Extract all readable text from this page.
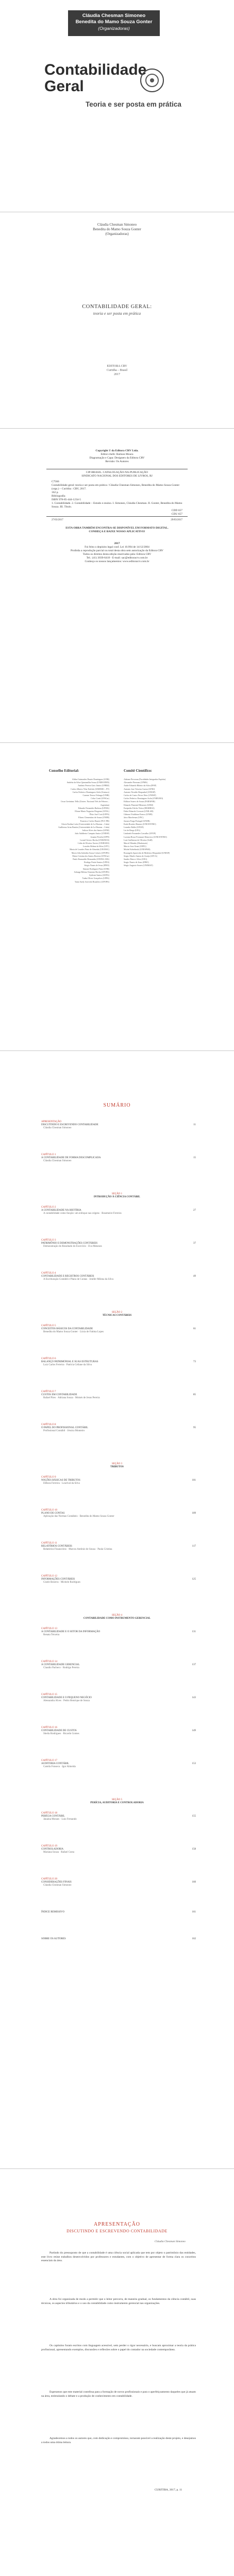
Cláudia Chesman Simoneo
Benedita do Mamo Souza Gonter
(Organizadoras)
Contabilidade Geral
Teoria e ser posta em prática
Cláudia Chesman Simoneo
Benedita do Mamo Souza Gonter
(Organizadoras)
CONTABILIDADE GERAL:
teoria e ser posta em prática
EDITORA CRV
Curitiba – Brasil
2017
Copyright © da Editora CRV Ltda.
Editor-chefe: Railson Moura
Diagramação e Capa: Designers da Editora CRV
Revisão: Os Autores
CIP-BRASIL. CATALOGAÇÃO-NA-PUBLICAÇÃO
SINDICATO NACIONAL DOS EDITORES DE LIVROS, RJ
C7566
Contabilidade geral: teoria e ser posta em prática / Cláudia Chesman Simoneo, Benedita do Mamo Souza Gonter (orgs.) – Curitiba : CRV, 2017.
162 p.
Bibliografia
ISBN 978-85-444-1234-5
1. Contabilidade. 2. Contabilidade – Estudo e ensino. I. Simoneo, Cláudia Chesman. II. Gonter, Benedita do Mamo Souza. III. Título.
CDD 657
CDU 657
27/03/2017	29/03/2017
ESTA OBRA TAMBÉM ENCONTRA-SE DISPONÍVEL EM FORMATO DIGITAL.
CONHEÇA E BAIXE NOSSO APLICATIVO!
2017
Foi feito o depósito legal conf. Lei 10.994 de 14/12/2004
Proibida a reprodução parcial ou total desta obra sem autorização da Editora CRV
Todos os direitos desta edição reservados pela: Editora CRV
Tel.: (41) 3039-6418 - E-mail: sac@editoracrv.com.br
Conheça os nossos lançamentos: www.editoracrv.com.br
Conselho Editorial:	Comitê Científico:
Aldira Guimarães Duarte Domínguez (UNB)
Andréia da Silva Quintanilha Sousa (UNIR/UFRN)
Antônio Pereira Gaio Júnior (UFRRJ)
Carlos Alberto Vilar Estêvão (UMINHO – PT)
Carlos Federico Dominguez Avila (Unieuro)
Carmen Tereza Velanga (UNIR)
Celso Conti (UFSCar)
Cesar Gerónimo Tello (Univer. Nacional Três de Febrero – Argentina)
Eduardo Fernandes Barbosa (UFMG)
Elione Maria Nogueira Diogenes (UFAL)
Élsio José Corá (UFFS)
Elizeu Clementino de Souza (UNEB)
Francisco Carlos Duarte (PUC-PR)
Gloria Fariñas León (Universidade de La Havana – Cuba)
Guillermo Arias Beatón (Universidade de La Havana – Cuba)
Jailson Alves dos Santos (UFRJ)
João Adalberto Campato Junior (UNESP)
Josania Portela (UFPI)
Leonel Severo Rocha (UNISINOS)
Lídia de Oliveira Xavier (UNIEURO)
Lourdes Helena da Silva (UFV)
Maria de Lourdes Pinto de Almeida (UNOESC)
Maria Lília Imbiriba Sousa Colares (UFOPA)
Maria Cristina dos Santos Bezerra (UFSCar)
Paulo Romualdo Hernandes (UNIFAL-MG)
Rodrigo Pratte-Santos (UFES)
Sérgio Nunes de Jesus (IFRO)
Simone Rodrigues Pinto (UNB)
Solange Helena Ximenes-Rocha (UFOPA)
Sydione Santos (UEPG)
Tadeu Oliver Gonçalves (UFPA)
Tania Suely Azevedo Brasileiro (UFOPA)
Adriane Piovezan (Faculdades Integradas Espírita)
Alexandre Pierezan (UFMS)
Andre Eduardo Ribeiro da Silva (IFSP)
Antonio Jose Teixeira Guerra (UFRJ)
Antonio Nivaldo Hespanhol (UNESP)
Carlos de Castro Neves Neto (UNESP)
Carlos Federico Dominguez Avila (UNIEURO)
Edilson Soares de Souza (FABAPAR)
Eduardo Pimentel Menezes (UERJ)
Euripedes Falcão Vieira (IHGRRGS)
Fabio Eduardo Cressoni (UNILAB)
Gilmara Yoshihara Franco (UNIR)
Jairo Marchesan (UNC)
Jussara Fraga Portugal (UNEB)
Karla Rosário Brumes (UNICENTRO)
Leandro Baller (UFGD)
Lei de Bergo (UEL)
Lindonêz Fernandes Carvalho (UFOP)
Luciana Rosar Fornazari Klanovicz (UNICENTRO)
Luiz Guilherme de Oliveira (UnB)
Marcel Mendes (Mackenzie)
Marcio Jose Ornat (UEPG)
Michel Kobelinski (UNESPAR)
Rosangela Aparecida de Medeiros Hespanhol (UNESP)
Sergio Murilo Santos de Araújo (UFCG)
Sandro Dutra e Silva (UEG)
Sergio Nunes de Jesus (IFRO)
Sérgio Augusto Soares (UNEMAT)
SUMÁRIO
APRESENTAÇÃO
DISCUTINDO E ESCREVENDO CONTABILIDADE	11
Cláudia Chesman Simoneo
CAPÍTULO 1
A CONTABILIDADE DE FORMA DESCOMPLICADA	15
Cláudia Chesman Simoneo
SEÇÃO 1
INTRODUÇÃO À CIÊNCIA CONTÁBIL
CAPÍTULO 2
A CONTABILIDADE NA HISTÓRIA	27
A contabilidade como função: um enfoque nas origens · Rosemeire Ferreira
CAPÍTULO 3
PATRIMÔNIO E DEMONSTRAÇÕES CONTÁBEIS	37
Demonstração do Resultado do Exercício · Eva Meneses
CAPÍTULO 4
CONTABILIDADE E REGISTROS CONTÁBEIS	49
A Escrituração Contábil e Plano de Contas · Jenifer Milena da Silva
SEÇÃO 2
TÉCNICAS CONTÁBEIS
CAPÍTULO 5
CONCEITOS BÁSICOS DA CONTABILIDADE	61
Benedita do Mamo Souza Gonter · Lúcia de Fatima Lopes
CAPÍTULO 6
BALANÇO PATRIMONIAL E SUAS ESTRUTURAS	73
Luiz Carlos Ferreira · Patrícia Celiane da Silva
CAPÍTULO 7
CUSTOS EM CONTABILIDADE	85
Rafael Pires · Adriana Souza · Moisés de Jesus Pereira
CAPÍTULO 8
O PAPEL DO PROFISSIONAL CONTÁBIL	95
Profissional Contábil · Jéssica Monteiro
SEÇÃO 3
TRIBUTOS
CAPÍTULO 9
NOÇÕES BÁSICAS DE TRIBUTOS	101
Débora Ferreira · Lourival da Silva
CAPÍTULO 10
PLANO DE CONTAS	109
Aplicação das Normas Contábeis · Benedita do Mamo Souza Gonter
CAPÍTULO 11
RELATÓRIOS CONTÁBEIS	117
Relatórios Financeiros · Marcos Antônio de Souza · Paula Cristina
CAPÍTULO 12
INFORMAÇÕES CONTÁBEIS	125
Gisele Bezerra · Michele Rodrigues
SEÇÃO 4
CONTABILIDADE COMO INSTRUMENTO GERENCIAL
CAPÍTULO 13
A CONTABILIDADE E O SETOR DA INFORMAÇÃO	131
Renata Teixeira
CAPÍTULO 14
A CONTABILIDADE GERENCIAL	137
Claudio Pacheco · Rodrigo Pereira
CAPÍTULO 15
CONTABILIDADE E O PEQUENO NEGÓCIO	143
Alessandra Alves · Pedro Henrique de Souza
CAPÍTULO 16
CONTABILIDADE DE CUSTOS	149
Sheila Rodrigues · Ricardo Gomes
CAPÍTULO 17
AUDITORIA CONTÁBIL	153
Camila Fonseca · Igor Almeida
SEÇÃO 5
PERÍCIA, AUDITORIA E CONTROLADORIA
CAPÍTULO 18
PERÍCIA CONTÁBIL	155
Janaína Moraes · Luiz Fernando
CAPÍTULO 19
CONTROLADORIA	158
Mariana Souza · Rafael Costa
CAPÍTULO 20
CONSIDERAÇÕES FINAIS	160
Cláudia Chesman Simoneo
ÍNDICE REMISSIVO	161
SOBRE OS AUTORES	162
APRESENTAÇÃO
DISCUTINDO E ESCREVENDO CONTABILIDADE
Cláudia Chesman Simoneo
Partindo do pressuposto de que a contabilidade é uma ciência social aplicada que tem por objeto o patrimônio das entidades, este livro reúne trabalhos desenvolvidos por professores e estudantes, com o objetivo de apresentar de forma clara os conceitos essenciais da área.
A obra foi organizada de modo a permitir que o leitor percorra, de maneira gradual, os fundamentos da ciência contábil, suas técnicas, os aspectos tributários e o uso da contabilidade como instrumento gerencial nas organizações.
Os capítulos foram escritos com linguagem acessível, sem perder o rigor necessário, e buscam aproximar a teoria da prática profissional, apresentando exemplos, discussões e reflexões sobre o papel do contador na sociedade contemporânea.
Esperamos que este material contribua para a formação de novos profissionais e para o aperfeiçoamento daqueles que já atuam na área, estimulando o debate e a produção de conhecimento em contabilidade.
Agradecemos a todos os autores que, com dedicação e compromisso, tornaram possível a realização deste projeto, e desejamos a todos uma ótima leitura.
CURITIBA, 2017, p. 11
